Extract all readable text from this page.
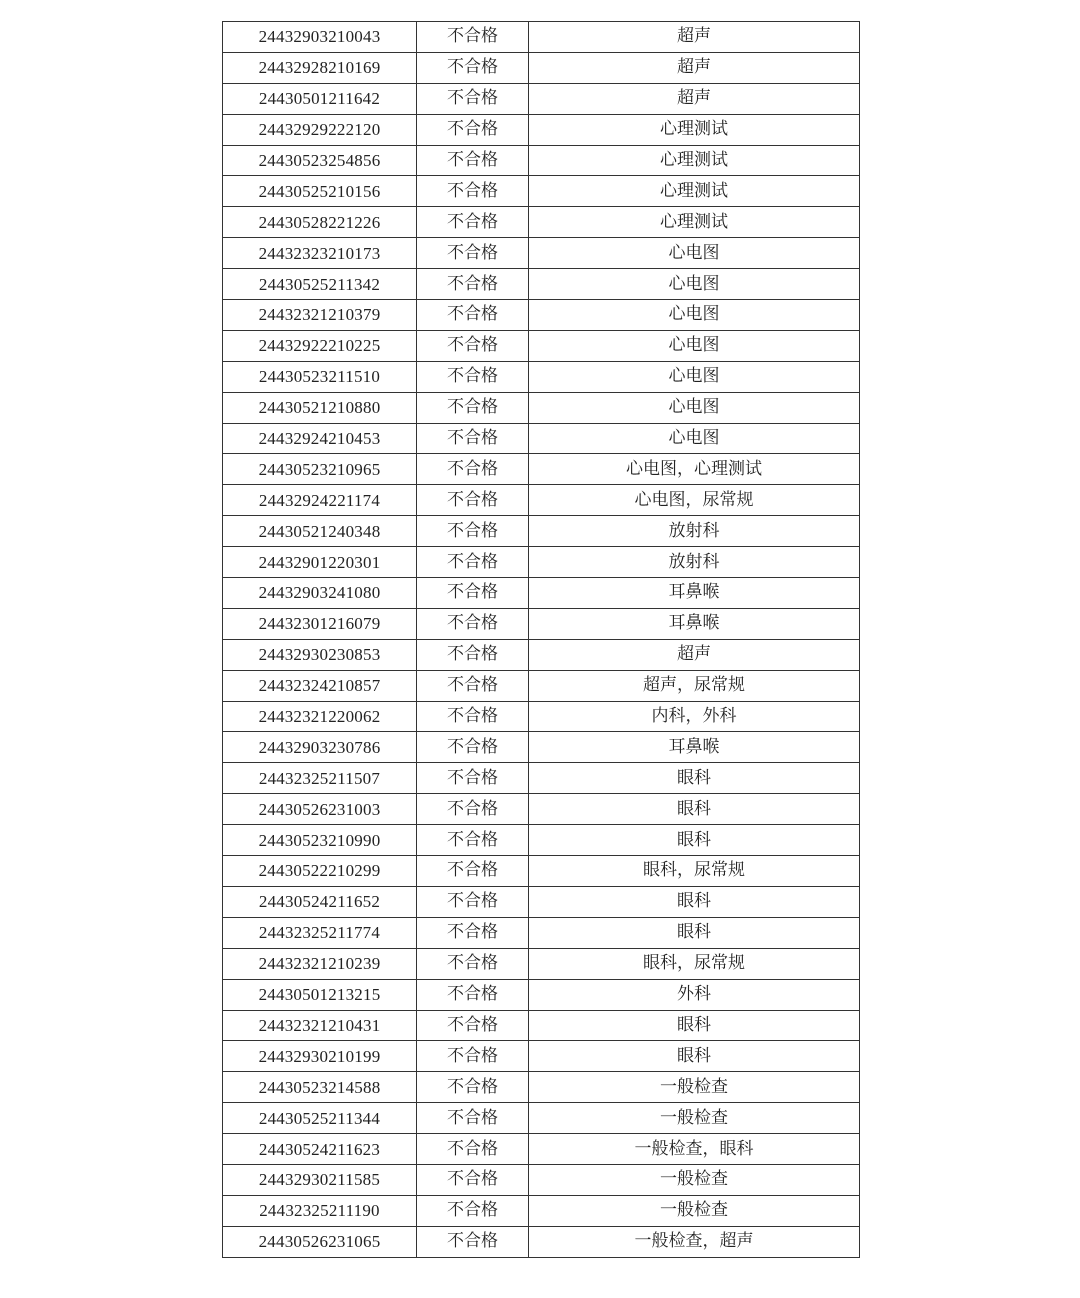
24432903210043	不合格	超声
24432928210169	不合格	超声
24430501211642	不合格	超声
24432929222120	不合格	心理测试
24430523254856	不合格	心理测试
24430525210156	不合格	心理测试
24430528221226	不合格	心理测试
24432323210173	不合格	心电图
24430525211342	不合格	心电图
24432321210379	不合格	心电图
24432922210225	不合格	心电图
24430523211510	不合格	心电图
24430521210880	不合格	心电图
24432924210453	不合格	心电图
24430523210965	不合格	心电图，心理测试
24432924221174	不合格	心电图，尿常规
24430521240348	不合格	放射科
24432901220301	不合格	放射科
24432903241080	不合格	耳鼻喉
24432301216079	不合格	耳鼻喉
24432930230853	不合格	超声
24432324210857	不合格	超声，尿常规
24432321220062	不合格	内科，外科
24432903230786	不合格	耳鼻喉
24432325211507	不合格	眼科
24430526231003	不合格	眼科
24430523210990	不合格	眼科
24430522210299	不合格	眼科，尿常规
24430524211652	不合格	眼科
24432325211774	不合格	眼科
24432321210239	不合格	眼科，尿常规
24430501213215	不合格	外科
24432321210431	不合格	眼科
24432930210199	不合格	眼科
24430523214588	不合格	一般检查
24430525211344	不合格	一般检查
24430524211623	不合格	一般检查，眼科
24432930211585	不合格	一般检查
24432325211190	不合格	一般检查
24430526231065	不合格	一般检查，超声
